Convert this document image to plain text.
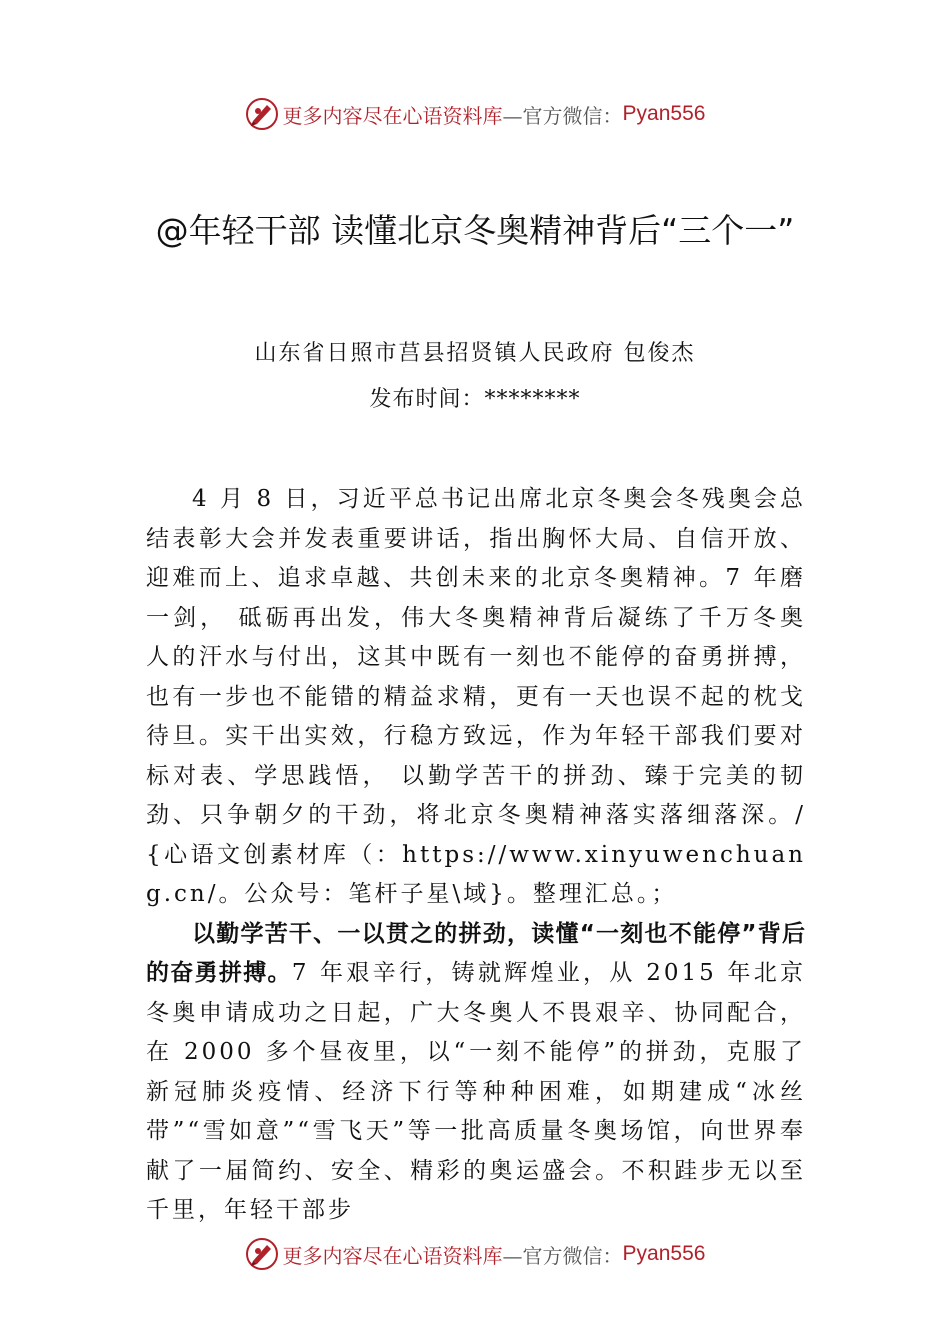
更多内容尽在心语资料库 —官方微信： Pyan556
@年轻干部 读懂北京冬奥精神背后“三个一”
山东省日照市莒县招贤镇人民政府 包俊杰
发布时间：********

4 月 8 日，习近平总书记出席北京冬奥会冬残奥会总结表彰大会并发表重要讲话，指出胸怀大局、自信开放、迎难而上、追求卓越、共创未来的北京冬奥精神。7 年磨一剑， 砥砺再出发，伟大冬奥精神背后凝练了千万冬奥人的汗水与付出，这其中既有一刻也不能停的奋勇拼搏，也有一步也不能错的精益求精，更有一天也误不起的枕戈待旦。实干出实效，行稳方致远，作为年轻干部我们要对标对表、学思践悟， 以勤学苦干的拼劲、臻于完美的韧劲、只争朝夕的干劲，将北京冬奥精神落实落细落深。/{心语文创素材库（：https://www.xinyuwenchuang.cn/。公众号：笔杆子星\域}。整理汇总。；

以勤学苦干、一以贯之的拼劲，读懂“一刻也不能停”背后的奋勇拼搏。7 年艰辛行，铸就辉煌业，从 2015 年北京冬奥申请成功之日起，广大冬奥人不畏艰辛、协同配合，在 2000 多个昼夜里，以“一刻不能停”的拼劲，克服了新冠肺炎疫情、经济下行等种种困难，如期建成“冰丝带”“雪如意”“雪飞天”等一批高质量冬奥场馆，向世界奉献了一届简约、安全、精彩的奥运盛会。不积跬步无以至千里，年轻干部步

更多内容尽在心语资料库 —官方微信： Pyan556
